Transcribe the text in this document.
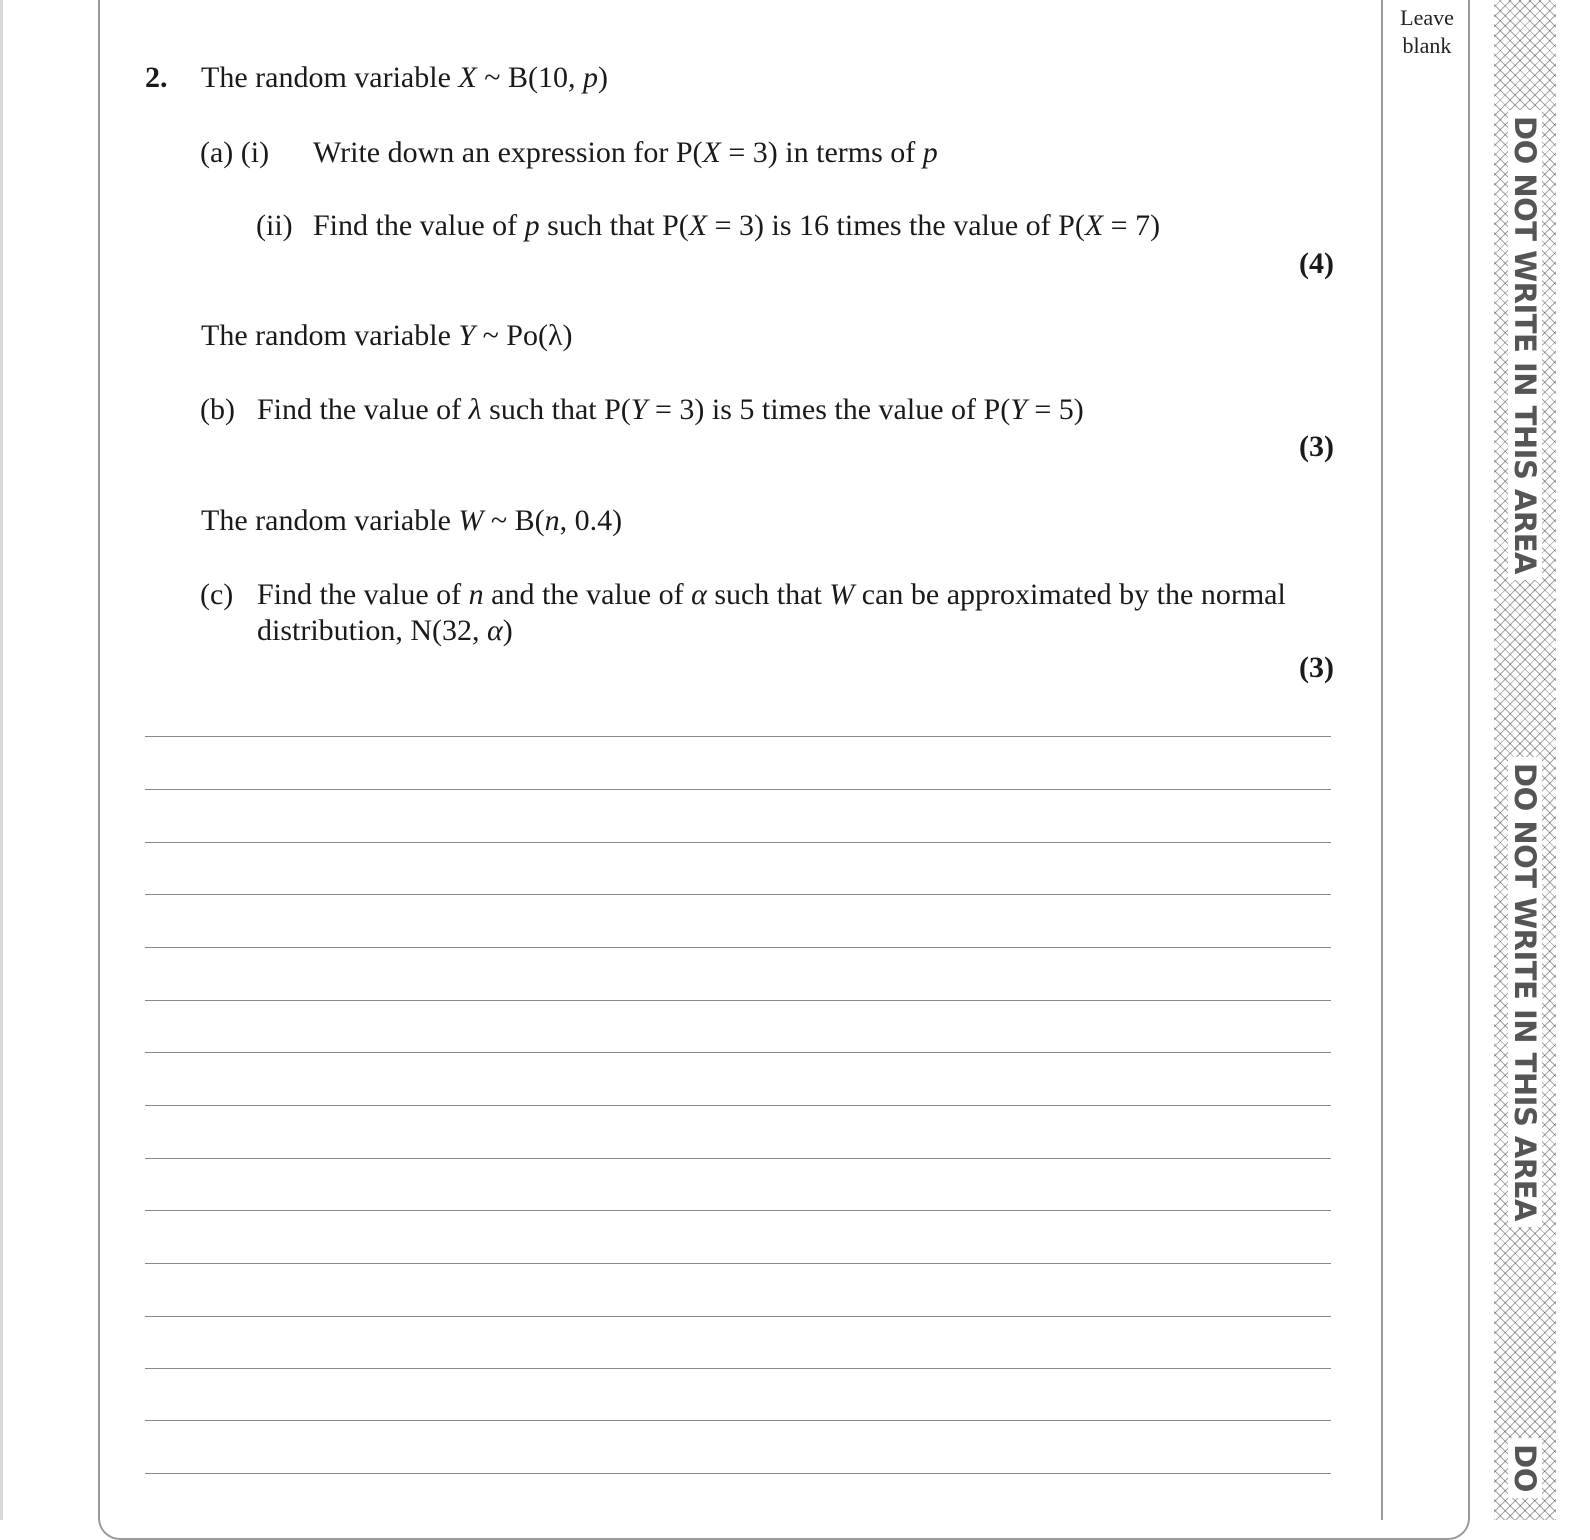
Leave
blank
DO NOT WRITE IN THIS AREA
DO NOT WRITE IN THIS AREA
DO
2. The random variable X ~ B(10, p)
(a) (i) Write down an expression for P(X = 3) in terms of p
(ii) Find the value of p such that P(X = 3) is 16 times the value of P(X = 7)
(4)
The random variable Y ~ Po(λ)
(b) Find the value of λ such that P(Y = 3) is 5 times the value of P(Y = 5)
(3)
The random variable W ~ B(n, 0.4)
(c) Find the value of n and the value of α such that W can be approximated by the normal
distribution, N(32, α)
(3)
